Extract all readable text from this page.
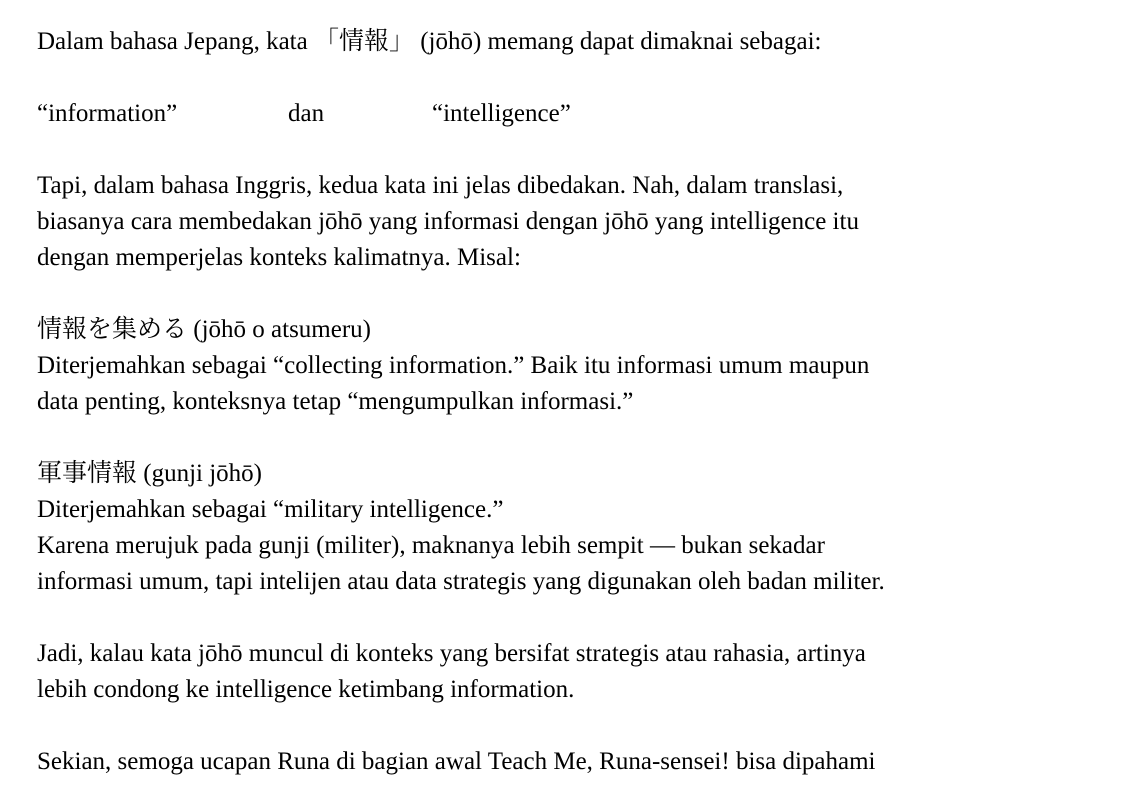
Dalam bahasa Jepang, kata 「情報」 (jōhō) memang dapat dimaknai sebagai:
“information”	dan	“intelligence”
Tapi, dalam bahasa Inggris, kedua kata ini jelas dibedakan. Nah, dalam translasi,
biasanya cara membedakan jōhō yang informasi dengan jōhō yang intelligence itu
dengan memperjelas konteks kalimatnya. Misal:
情報を集める (jōhō o atsumeru)
Diterjemahkan sebagai “collecting information.” Baik itu informasi umum maupun
data penting, konteksnya tetap “mengumpulkan informasi.”
軍事情報 (gunji jōhō)
Diterjemahkan sebagai “military intelligence.”
Karena merujuk pada gunji (militer), maknanya lebih sempit — bukan sekadar
informasi umum, tapi intelijen atau data strategis yang digunakan oleh badan militer.
Jadi, kalau kata jōhō muncul di konteks yang bersifat strategis atau rahasia, artinya
lebih condong ke intelligence ketimbang information.
Sekian, semoga ucapan Runa di bagian awal Teach Me, Runa-sensei! bisa dipahami
